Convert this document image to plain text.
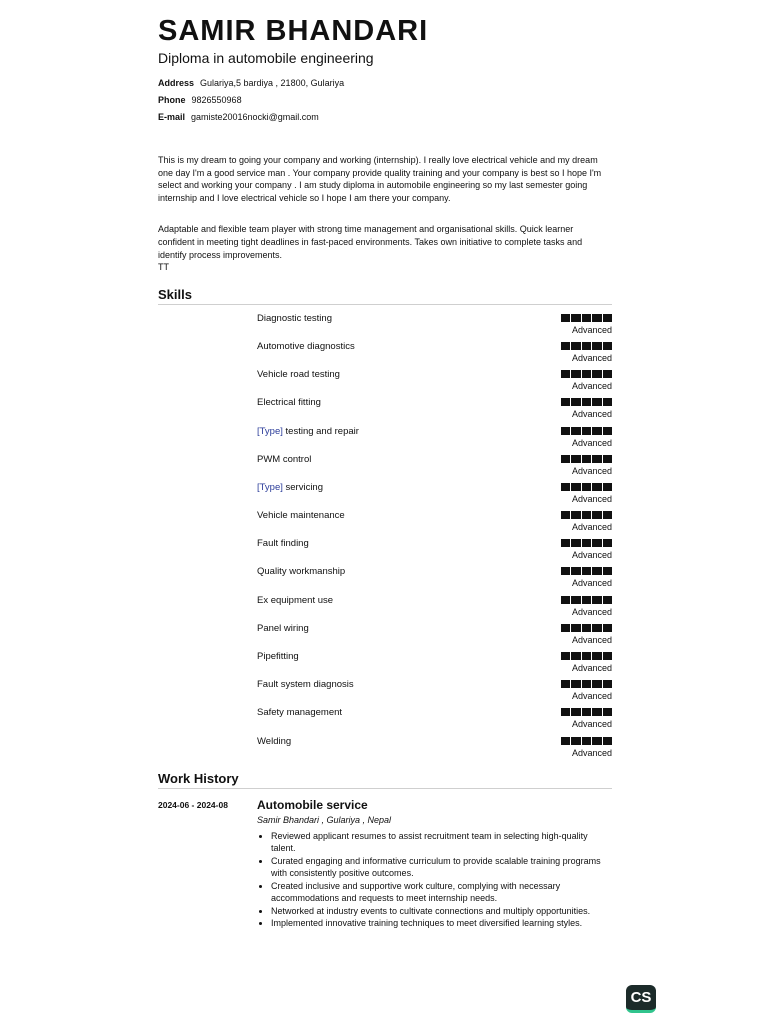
SAMIR BHANDARI
Diploma in automobile engineering
Address Gulariya,5 bardiya , 21800, Gulariya
Phone 9826550968
E-mail gamiste20016nocki@gmail.com

This is my dream to going your company and working (internship). I really love electrical vehicle and my dream one day I'm a good service man . Your company provide quality training and your company is best so I hope I'm select and working your company . I am study diploma in automobile engineering so my last semester going internship and I love electrical vehicle so I hope I am there your company.

Adaptable and flexible team player with strong time management and organisational skills. Quick learner confident in meeting tight deadlines in fast-paced environments. Takes own initiative to complete tasks and identify process improvements.

TT

Skills
Diagnostic testing
Advanced
Automotive diagnostics
Advanced
Vehicle road testing
Advanced
Electrical fitting
Advanced
[Type] testing and repair
Advanced
PWM control
Advanced
[Type] servicing
Advanced
Vehicle maintenance
Advanced
Fault finding
Advanced
Quality workmanship
Advanced
Ex equipment use
Advanced
Panel wiring
Advanced
Pipefitting
Advanced
Fault system diagnosis
Advanced
Safety management
Advanced
Welding
Advanced
Work History
2024-06 - 2024-08 Automobile service
Samir Bhandari , Gulariya , Nepal
• Reviewed applicant resumes to assist recruitment team in selecting high-quality talent.
• Curated engaging and informative curriculum to provide scalable training programs with consistently positive outcomes.
• Created inclusive and supportive work culture, complying with necessary accommodations and requests to meet internship needs.
• Networked at industry events to cultivate connections and multiply opportunities.
• Implemented innovative training techniques to meet diversified learning styles.
CS
